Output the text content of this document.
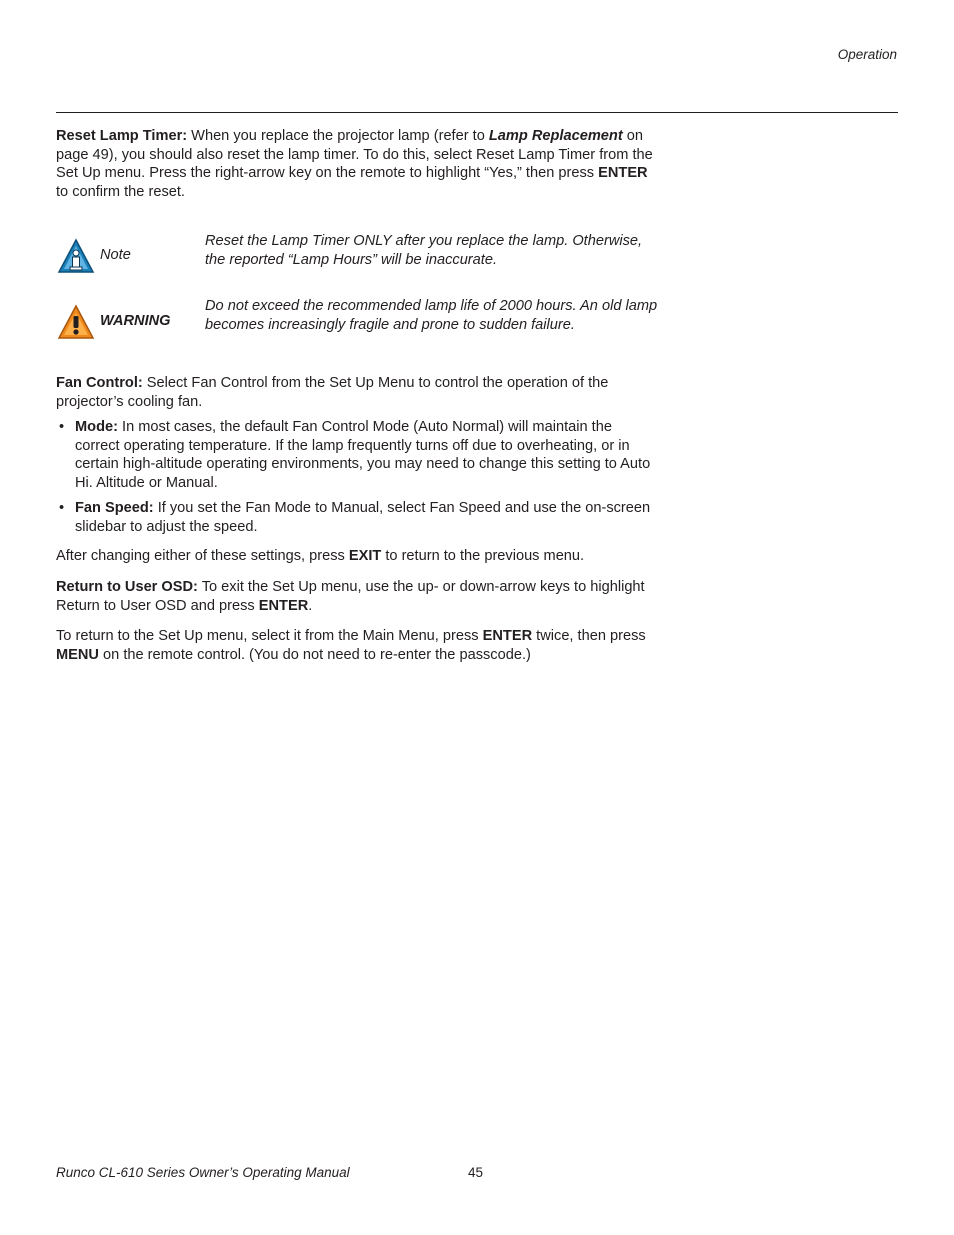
Operation

Reset Lamp Timer: When you replace the projector lamp (refer to Lamp Replacement on page 49), you should also reset the lamp timer. To do this, select Reset Lamp Timer from the Set Up menu. Press the right-arrow key on the remote to highlight “Yes,” then press ENTER to confirm the reset.

Note

Reset the Lamp Timer ONLY after you replace the lamp. Otherwise, the reported “Lamp Hours” will be inaccurate.

WARNING

Do not exceed the recommended lamp life of 2000 hours. An old lamp becomes increasingly fragile and prone to sudden failure.

Fan Control: Select Fan Control from the Set Up Menu to control the operation of the projector’s cooling fan.

• Mode: In most cases, the default Fan Control Mode (Auto Normal) will maintain the correct operating temperature. If the lamp frequently turns off due to overheating, or in certain high-altitude operating environments, you may need to change this setting to Auto Hi. Altitude or Manual.

• Fan Speed: If you set the Fan Mode to Manual, select Fan Speed and use the on-screen slidebar to adjust the speed.

After changing either of these settings, press EXIT to return to the previous menu.

Return to User OSD: To exit the Set Up menu, use the up- or down-arrow keys to highlight Return to User OSD and press ENTER.

To return to the Set Up menu, select it from the Main Menu, press ENTER twice, then press MENU on the remote control. (You do not need to re-enter the passcode.)

Runco CL-610 Series Owner’s Operating Manual	45
